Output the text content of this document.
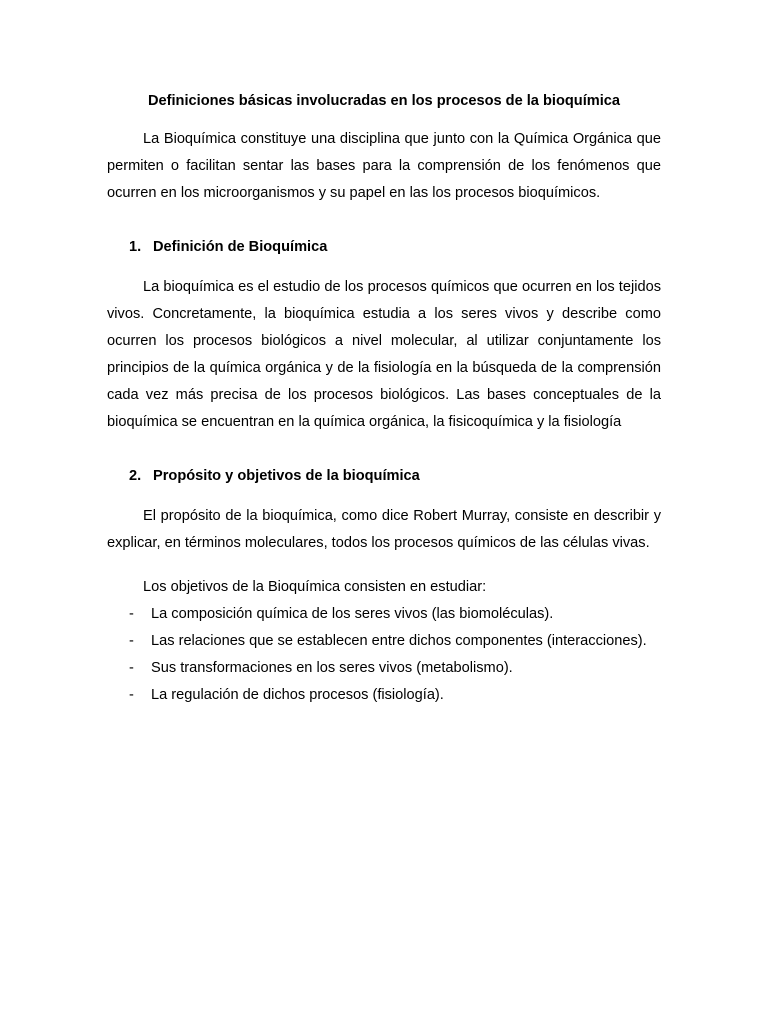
Definiciones básicas involucradas en los procesos de la bioquímica

La Bioquímica constituye una disciplina que junto con la Química Orgánica que permiten o facilitan sentar las bases para la comprensión de los fenómenos que ocurren en los microorganismos y su papel en las los procesos bioquímicos.

1. Definición de Bioquímica

La bioquímica es el estudio de los procesos químicos que ocurren en los tejidos vivos. Concretamente, la bioquímica estudia a los seres vivos y describe como ocurren los procesos biológicos a nivel molecular, al utilizar conjuntamente los principios de la química orgánica y de la fisiología en la búsqueda de la comprensión cada vez más precisa de los procesos biológicos. Las bases conceptuales de la bioquímica se encuentran en la química orgánica, la fisicoquímica y la fisiología

2. Propósito y objetivos de la bioquímica

El propósito de la bioquímica, como dice Robert Murray, consiste en describir y explicar, en términos moleculares, todos los procesos químicos de las células vivas.

Los objetivos de la Bioquímica consisten en estudiar:

-	La composición química de los seres vivos (las biomoléculas).
-	Las relaciones que se establecen entre dichos componentes (interacciones).
-	Sus transformaciones en los seres vivos (metabolismo).
-	La regulación de dichos procesos (fisiología).
